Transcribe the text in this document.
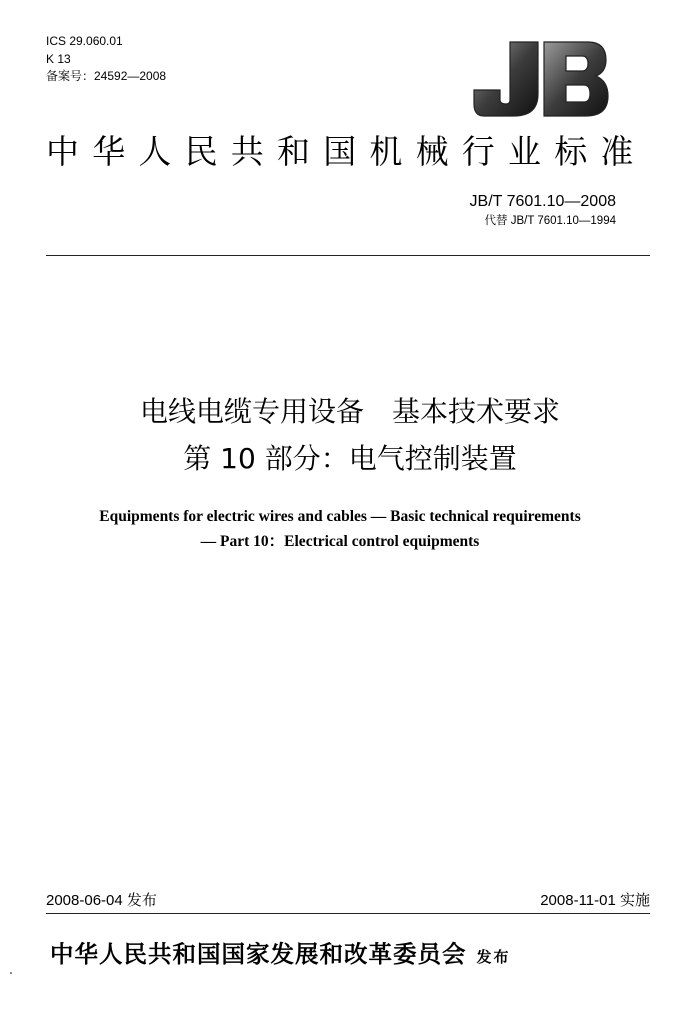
ICS 29.060.01
K 13
备案号：24592—2008
中华人民共和国机械行业标准
JB/T 7601.10—2008
代替 JB/T 7601.10—1994
电线电缆专用设备　基本技术要求
第 10 部分：电气控制装置
Equipments for electric wires and cables — Basic technical requirements
— Part 10：Electrical control equipments
2008-06-04 发布	2008-11-01 实施
中华人民共和国国家发展和改革委员会 发布
